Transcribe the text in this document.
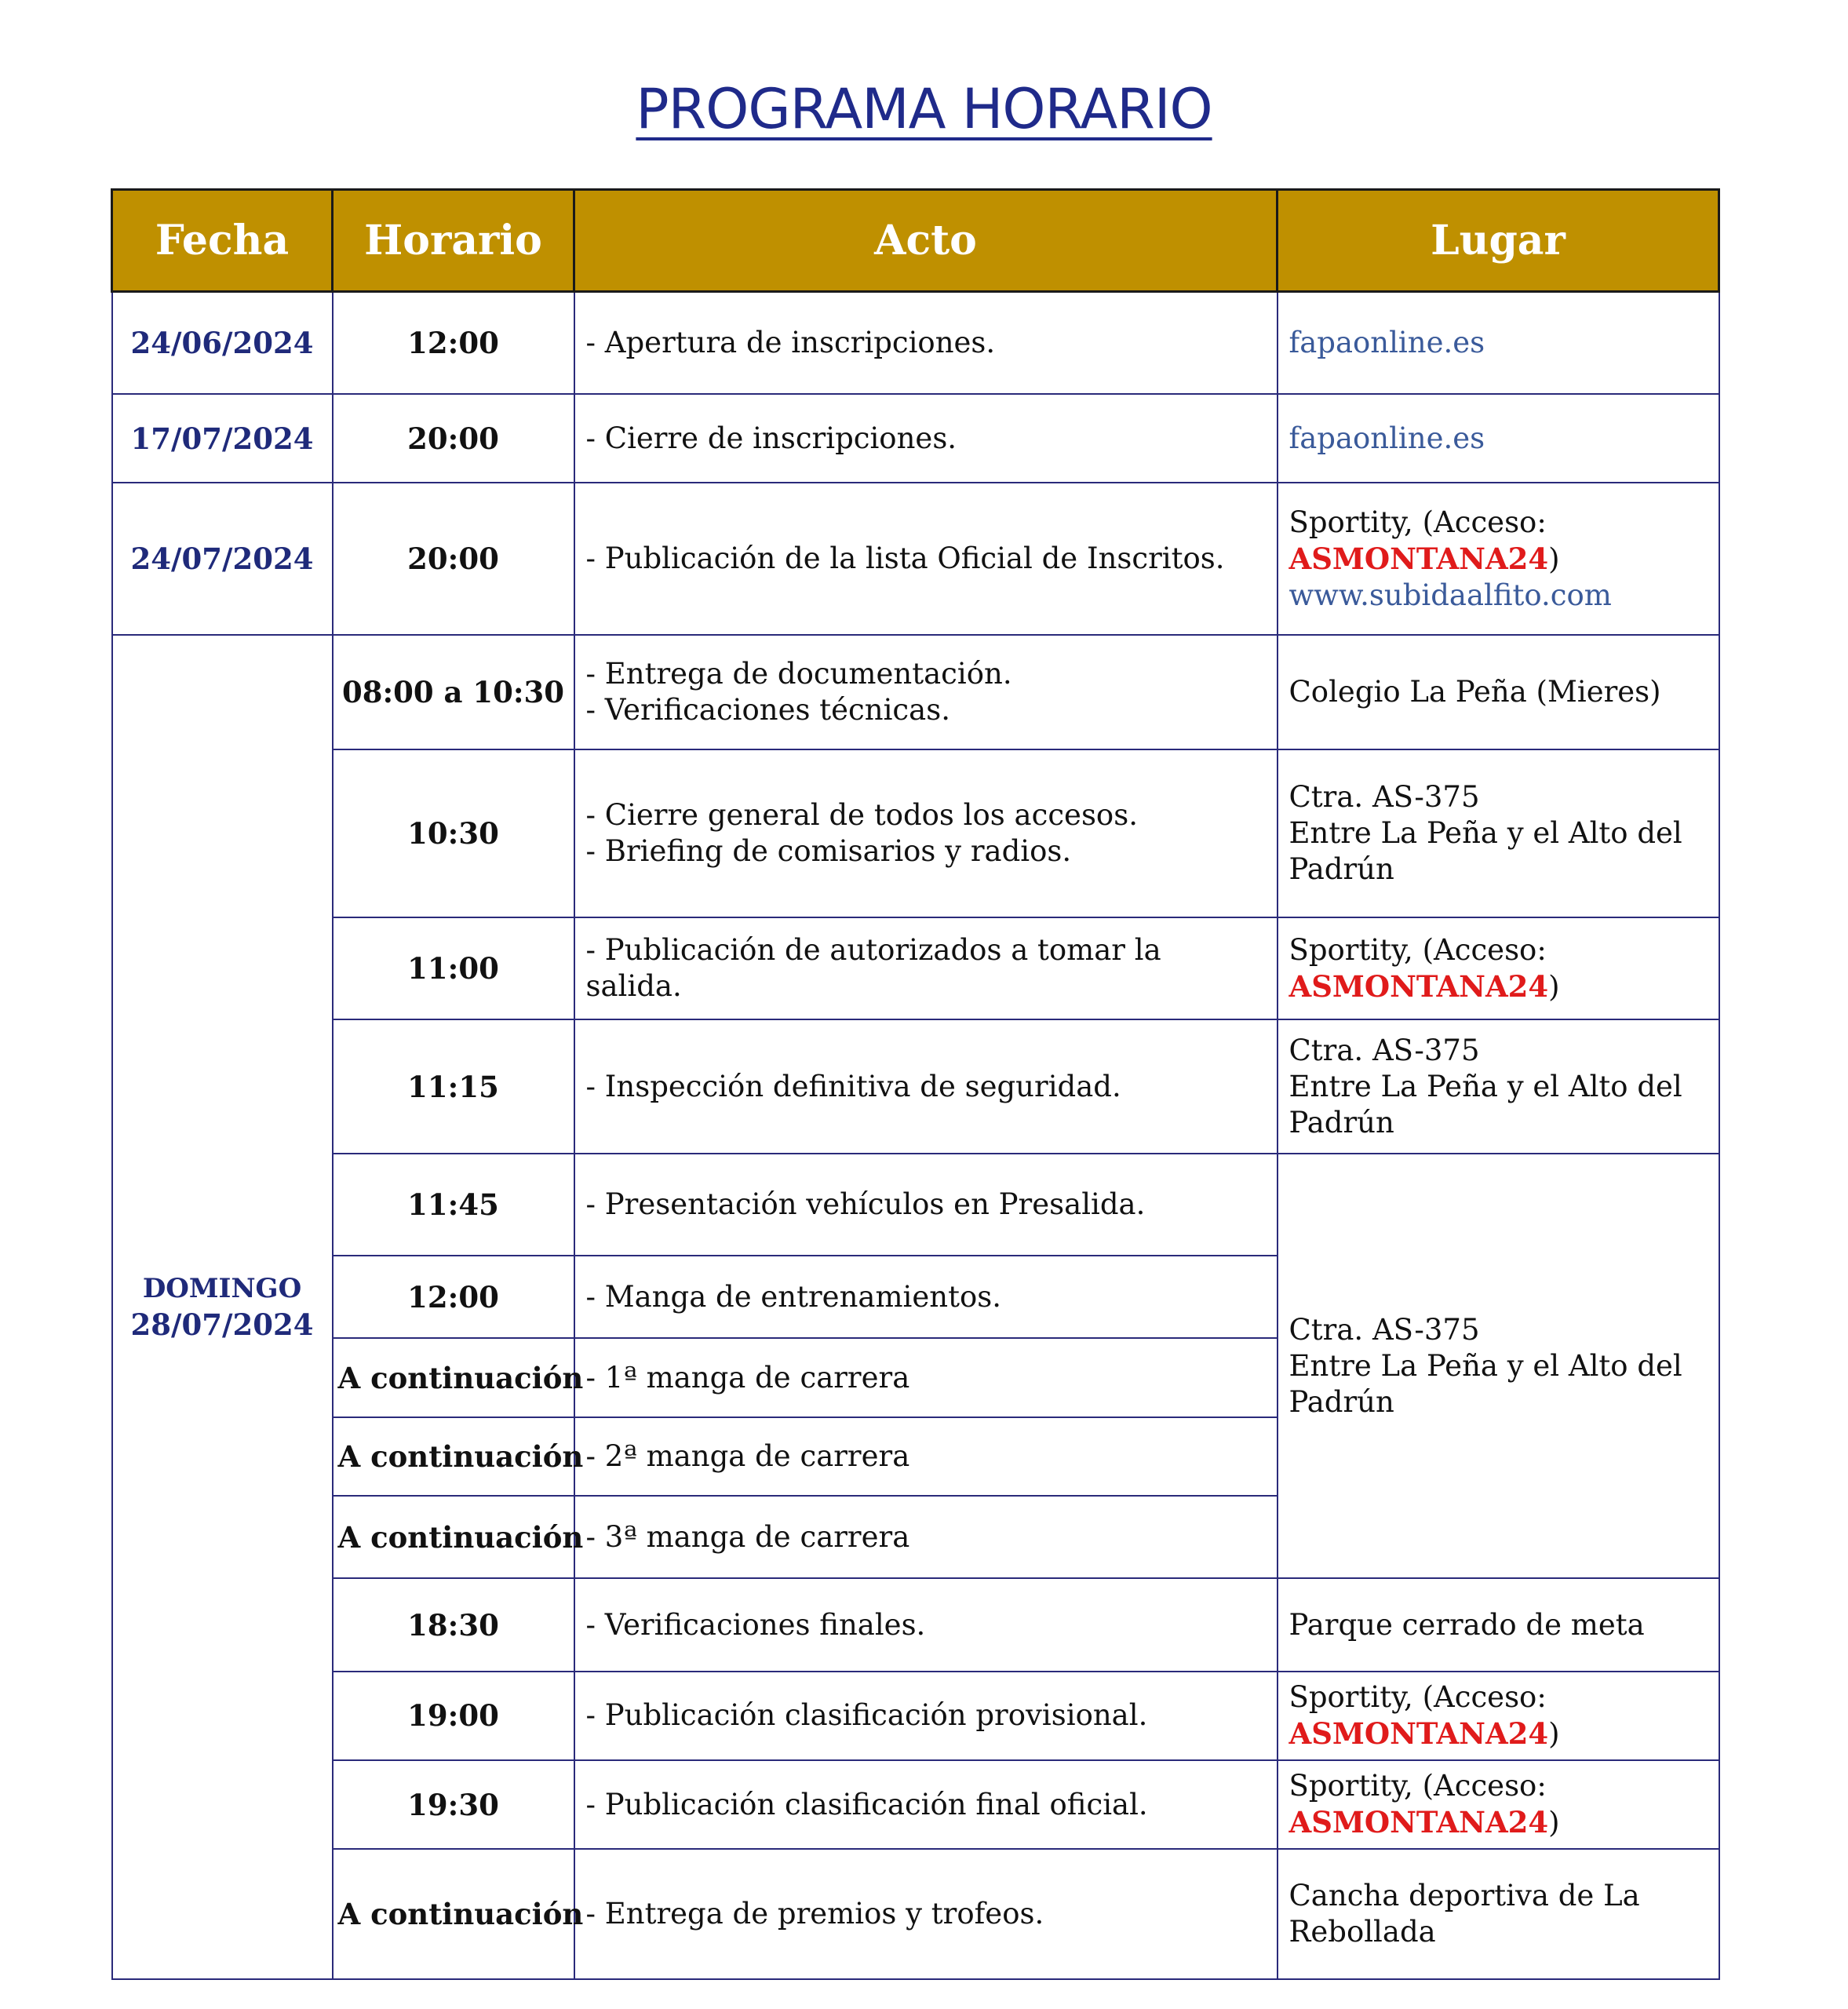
PROGRAMA HORARIO
Fecha	Horario	Acto	Lugar
24/06/2024	12:00	- Apertura de inscripciones.	fapaonline.es
17/07/2024	20:00	- Cierre de inscripciones.	fapaonline.es
24/07/2024	20:00	- Publicación de la lista Oficial de Inscritos.	Sportity, (Acceso:
ASMONTANA24)
www.subidaalfito.com

DOMINGO
28/07/2024	08:00 a 10:30	- Entrega de documentación.
- Verificaciones técnicas.	Colegio La Peña (Mieres)
	10:30	- Cierre general de todos los accesos.
- Briefing de comisarios y radios.	Ctra. AS-375
Entre La Peña y el Alto del Padrún

	11:00	- Publicación de autorizados a tomar la salida.	Sportity, (Acceso:
ASMONTANA24)

	11:15	- Inspección definitiva de seguridad.	Ctra. AS-375
Entre La Peña y el Alto del Padrún

	11:45	- Presentación vehículos en Presalida.	Ctra. AS-375
Entre La Peña y el Alto del Padrún

	12:00	- Manga de entrenamientos.	
	A continuación	- 1ª manga de carrera	
	A continuación	- 2ª manga de carrera	
	A continuación	- 3ª manga de carrera	
	18:30	- Verificaciones finales.	Parque cerrado de meta
	19:00	- Publicación clasificación provisional.	Sportity, (Acceso:
ASMONTANA24)

	19:30	- Publicación clasificación final oficial.	Sportity, (Acceso:
ASMONTANA24)

	A continuación	- Entrega de premios y trofeos.	Cancha deportiva de La Rebollada
